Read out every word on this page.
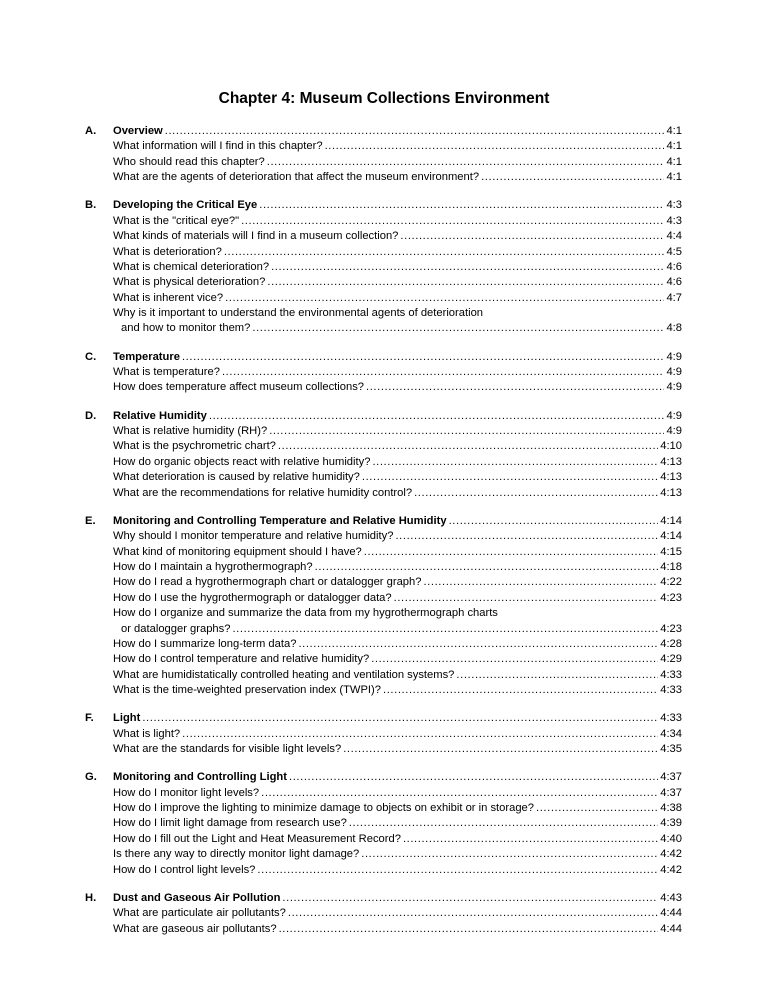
Chapter 4: Museum Collections Environment
A.	Overview .....	4:1
What information will I find in this chapter? .....	4:1
Who should read this chapter? .....	4:1
What are the agents of deterioration that affect the museum environment? .....	4:1
B.	Developing the Critical Eye .....	4:3
What is the "critical eye?" .....	4:3
What kinds of materials will I find in a museum collection? .....	4:4
What is deterioration? .....	4:5
What is chemical deterioration? .....	4:6
What is physical deterioration? .....	4:6
What is inherent vice? .....	4:7
Why is it important to understand the environmental agents of deterioration
and how to monitor them? .....	4:8
C.	Temperature .....	4:9
What is temperature? .....	4:9
How does temperature affect museum collections? .....	4:9
D.	Relative Humidity .....	4:9
What is relative humidity (RH)? .....	4:9
What is the psychrometric chart? .....	4:10
How do organic objects react with relative humidity? .....	4:13
What deterioration is caused by relative humidity? .....	4:13
What are the recommendations for relative humidity control? .....	4:13
E.	Monitoring and Controlling Temperature and Relative Humidity .....	4:14
Why should I monitor temperature and relative humidity? .....	4:14
What kind of monitoring equipment should I have? .....	4:15
How do I maintain a hygrothermograph? .....	4:18
How do I read a hygrothermograph chart or datalogger graph? .....	4:22
How do I use the hygrothermograph or datalogger data? .....	4:23
How do I organize and summarize the data from my hygrothermograph charts
or datalogger graphs? .....	4:23
How do I summarize long-term data? .....	4:28
How do I control temperature and relative humidity? .....	4:29
What are humidistatically controlled heating and ventilation systems? .....	4:33
What is the time-weighted preservation index (TWPI)? .....	4:33
F.	Light .....	4:33
What is light? .....	4:34
What are the standards for visible light levels? .....	4:35
G.	Monitoring and Controlling Light .....	4:37
How do I monitor light levels? .....	4:37
How do I improve the lighting to minimize damage to objects on exhibit or in storage? .....	4:38
How do I limit light damage from research use? .....	4:39
How do I fill out the Light and Heat Measurement Record? .....	4:40
Is there any way to directly monitor light damage? .....	4:42
How do I control light levels? .....	4:42
H.	Dust and Gaseous Air Pollution .....	4:43
What are particulate air pollutants? .....	4:44
What are gaseous air pollutants? .....	4:44
